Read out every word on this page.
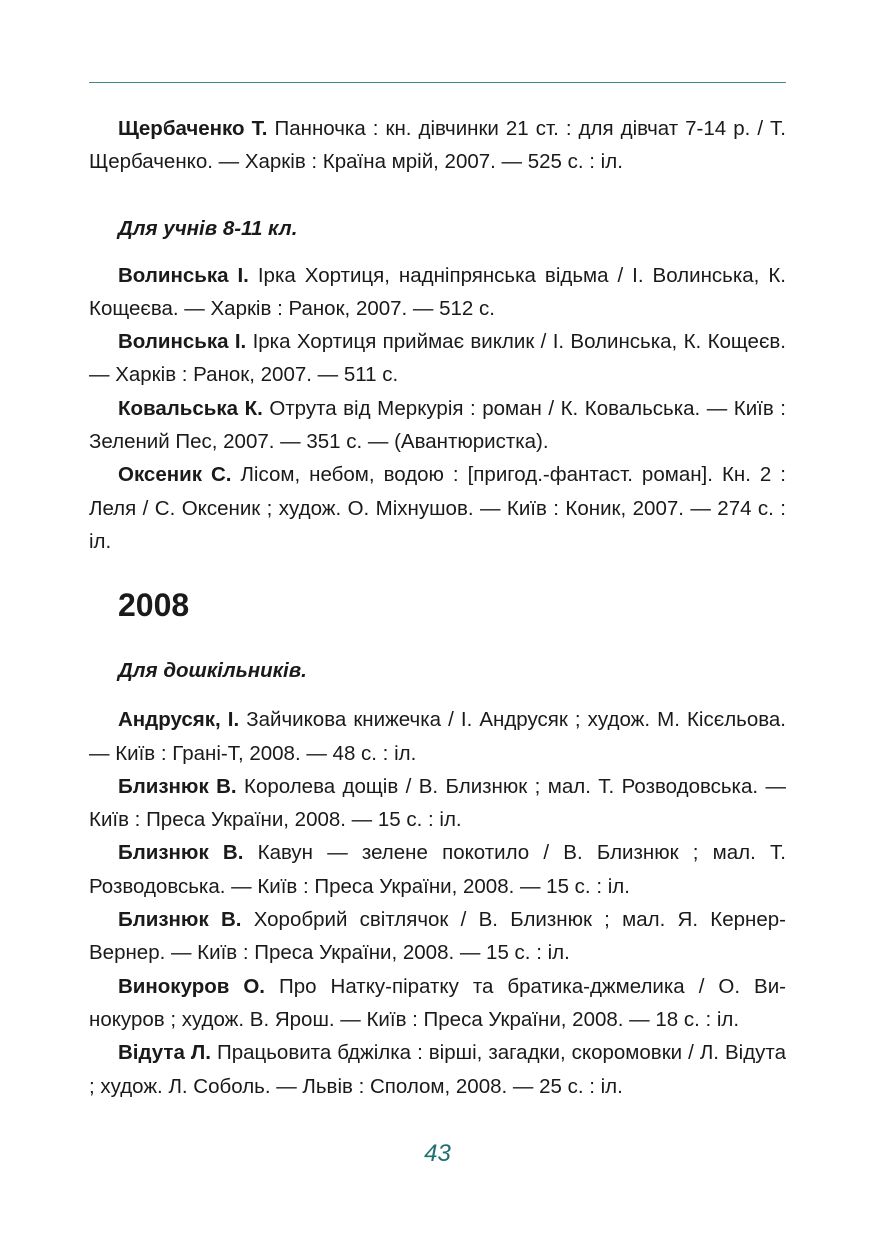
Щербаченко Т. Панночка : кн. дівчинки 21 ст. : для дівчат 7-14 р. / Т. Щербаченко. — Харків : Країна мрій, 2007. — 525 с. : іл.

Для учнів 8-11 кл.

Волинська І. Ірка Хортиця, надніпрянська відьма / І. Волинська, К. Кощеєва. — Харків : Ранок, 2007. — 512 с.

Волинська І. Ірка Хортиця приймає виклик / І. Волинська, К. Кощеєв. — Харків : Ранок, 2007. — 511 с.

Ковальська К. Отрута від Меркурія : роман / К. Ковальська. — Київ : Зелений Пес, 2007. — 351 с. — (Авантюристка).

Оксеник С. Лісом, небом, водою : [пригод.-фантаст. роман]. Кн. 2 : Леля / С. Оксеник ; худож. О. Міхнушов. — Київ : Коник, 2007. — 274 с. : іл.

2008

Для дошкільників.

Андрусяк, І. Зайчикова книжечка / І. Андрусяк ; худож. М. Кісєльова. — Київ : Грані-Т, 2008. — 48 с. : іл.

Близнюк В. Королева дощів / В. Близнюк ; мал. Т. Розводовська. — Київ : Преса України, 2008. — 15 с. : іл.

Близнюк В. Кавун — зелене покотило / В. Близнюк ; мал. Т. Розводовська. — Київ : Преса України, 2008. — 15 с. : іл.

Близнюк В. Хоробрий світлячок / В. Близнюк ; мал. Я. Кернер-Вернер. — Київ : Преса України, 2008. — 15 с. : іл.

Винокуров О. Про Натку-піратку та братика-джмелика / О. Винокуров ; худож. В. Ярош. — Київ : Преса України, 2008. — 18 с. : іл.

Відута Л. Працьовита бджілка : вірші, загадки, скоромовки / Л. Відута ; худож. Л. Соболь. — Львів : Сполом, 2008. — 25 с. : іл.

43
